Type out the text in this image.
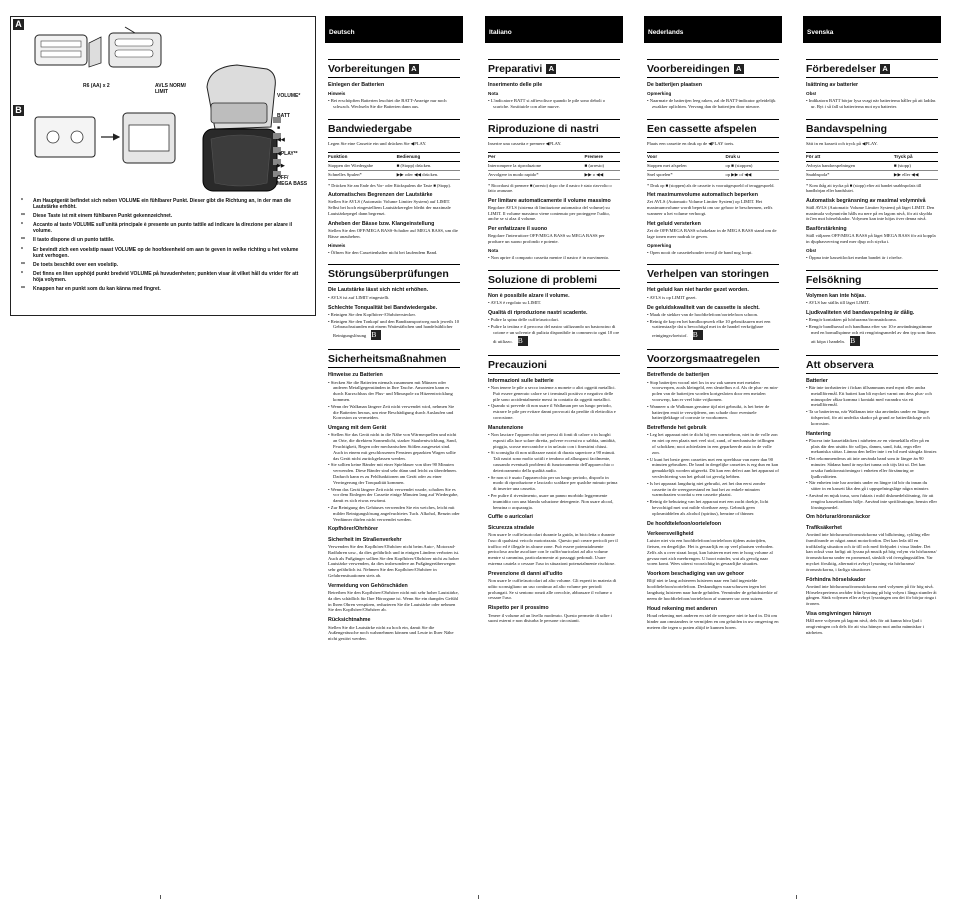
A
B
R6 (AA) x 2	AVLS NORM/
LIMIT
VOLUME*
BATT
■
◀◀
◀PLAY**
▶▶
OFF/
MEGA BASS
*	Am Hauptgerät befindet sich neben VOLUME ein fühlbarer Punkt. Dieser gibt die Richtung an, in der man die Lautstärke erhöht.
**	Diese Taste ist mit einem fühlbaren Punkt gekennzeichnet.
*	Accanto al tasto VOLUME sull'unità principale è presente un punto tattile ad indicare la direzione per alzare il volume.
**	Il tasto dispone di un punto tattile.
*	Er bevindt zich een voelstip naast VOLUME op de hoofdeenheid om aan te geven in welke richting u het volume kunt verhogen.
**	De toets beschikt over een voelstip.
*	Det finns en liten upphöjd punkt bredvid VOLUME på huvudenheten; punkten visar åt vilket håll du vrider för att höja volymen.
**	Knappen har en punkt som du kan känna med fingret.
Deutsch
Vorbereitungen A
Einlegen der Batterien
Hinweis
• Bei erschöpften Batterien leuchtet die BATT-Anzeige nur noch schwach. Wechseln Sie die Batterien dann aus.
Bandwiedergabe
Legen Sie eine Cassette ein und drücken Sie ◀PLAY.
Funktion	Bedienung
Stoppen der Wiedergabe	■ (Stopp) drücken.
Schnelles Spulen*	▶▶ oder ◀◀ drücken.
* Drücken Sie am Ende des Vor- oder Rückspulens die Taste ■ (Stopp).
Automatisches Begrenzen der Lautstärke
Stellen Sie AVLS (Automatic Volume Limiter System) auf LIMIT. Selbst bei hoch eingestelltem Lautstärkeregler bleibt der maximale Lautstärkepegel dann begrenzt.
Anheben der Bässe bzw. Klangeinstellung
Stellen Sie den OFF/MEGA BASS-Schalter auf MEGA BASS, um die Bässe anzuheben.
Hinweis
• Öffnen Sie den Cassettenhalter nicht bei laufendem Band.
Störungsüberprüfungen
Die Lautstärke lässt sich nicht erhöhen.
• AVLS ist auf LIMIT eingestellt.
Schlechte Tonqualität bei Bandwiedergabe.
• Reinigen Sie den Kopfhörer-/Ohrhörerstecker.
• Reinigen Sie den Tonkopf und den Bandtransportweg nach jeweils 10 Gebrauchsstunden mit einem Wattestäbchen und handelsüblicher Reinigungslösung B
Sicherheitsmaßnahmen
Hinweise zu Batterien
• Stecken Sie die Batterien niemals zusammen mit Münzen oder anderen Metallgegenständen in Ihre Tasche. Ansonsten kann es durch Kurzschluss der Plus- und Minuspole zu Hitzeentwicklung kommen.
• Wenn der Walkman längere Zeit nicht verwendet wird, nehmen Sie die Batterien heraus, um eine Beschädigung durch Auslaufen und Korrosion zu vermeiden.
Umgang mit dem Gerät
• Stellen Sie das Gerät nicht in die Nähe von Wärmequellen und nicht an Orte, die direktem Sonnenlicht, starker Staubentwicklung, Sand, Feuchtigkeit, Regen oder mechanischen Stößen ausgesetzt sind. Auch in einem mit geschlossenen Fenstern geparkten Wagen sollte das Gerät nicht zurückgelassen werden.
• Sie sollten keine Bänder mit einer Spieldauer von über 90 Minuten verwenden. Diese Bänder sind sehr dünn und leicht zu überdehnen. Dadurch kann es zu Fehlfunktionen am Gerät oder zu einer Verringerung der Tonqualität kommen.
• Wenn das Gerät längere Zeit nicht verwendet wurde, schalten Sie es vor dem Einlegen der Cassette einige Minuten lang auf Wiedergabe, damit es sich etwas erwärmt.
• Zur Reinigung des Gehäuses verwenden Sie ein weiches, leicht mit milder Reinigungslösung angefeuchtetes Tuch. Alkohol, Benzin oder Verdünner dürfen nicht verwendet werden.
Kopfhörer/Ohrhörer
Sicherheit im Straßenverkehr
Verwenden Sie den Kopfhörer/Ohrhörer nicht beim Auto-, Motorrad- Radfahren usw., da dies gefährlich und in einigen Ländern verboten ist. Auch als Fußgänger sollten Sie den Kopfhörer/Ohrhörer nicht zu hoher Lautstärke verwenden, da dies insbesondere an Fußgängerüberwegen sehr gefährlich ist. Nehmen Sie den Kopfhörer/Ohrhörer in Gefahrensituationen stets ab.
Vermeidung von Gehörschäden
Betreiben Sie den Kopfhörer/Ohrhörer nicht mit sehr hoher Lautstärke, da dies schädlich für Ihre Hörorgane ist. Wenn Sie ein dumpfes Gefühl in Ihren Ohren verspüren, reduzieren Sie die Lautstärke oder nehmen Sie den Kopfhörer/Ohrhörer ab.
Rücksichtnahme
Stellen Sie die Lautstärke nicht zu hoch ein, damit Sie die Außengeräusche noch wahrnehmen können und Leute in Ihrer Nähe nicht gestört werden.
Italiano
Preparativi A
Inserimento delle pile
Nota
• L'indicatore BATT si affievolisce quando le pile sono deboli o scariche. Sostituirle con altre nuove.
Riproduzione di nastri
Inserire una cassetta e premere ◀PLAY.
Per	Premere
Interrompere la riproduzione	■ (arresto)
Avvolgere in modo rapido*	▶▶ o ◀◀
* Ricordarsi di premere ■ (arresto) dopo che il nastro è stato riavvolto o fatto avanzare.
Per limitare automaticamente il volume massimo
Regolare AVLS (sistema di limitazione automatica del volume) su LIMIT. Il volume massimo viene contenuto per proteggere l'udito, anche se si alza il volume.
Per enfatizzare il suono
Regolare l'interruttore OFF/MEGA BASS su MEGA BASS per produrre un suono profondo e potente.
Nota
• Non aprire il comparto cassetta mentre il nastro è in movimento.
Soluzione di problemi
Non è possibile alzare il volume.
• AVLS è regolato su LIMIT.
Qualità di riproduzione nastri scadente.
• Pulire la spina delle cuffie/auricolari.
• Pulire la testina e il percorso del nastro utilizzando un bastoncino di cotone e un solvente di pulizia disponibile in commercio ogni 10 ore di utilizzo. B
Precauzioni
Informazioni sulle batterie
• Non tenere le pile a secco insieme a monete o altri oggetti metallici. Può essere generato calore se i terminali positivo e negativo delle pile sono accidentalmente messi in contatto da oggetti metallici.
• Quando si prevede di non usare il Walkman per un lungo periodo, estrarre le pile per evitare danni provocati da perdite di elettrolita e corrosione.
Manutenzione
• Non lasciare l'apparecchio nei pressi di fonti di calore o in luoghi esposti alla luce solare diretta, polvere eccessiva o sabbia, umidità, pioggia, scosse meccaniche o in un'auto con i finestrini chiusi.
• Si sconsiglia di non utilizzare nastri di durata superiore a 90 minuti. Tali nastri sono molto sottili e tendono ad allungarsi facilmente, causando eventuali problemi di funzionamento dell'apparecchio o deterioramento della qualità audio.
• Se non si è usato l'apparecchio per un lungo periodo, disporlo in modo di riproduzione e lasciarlo scaldare per qualche minuto prima di inserire una cassetta.
• Per pulire il rivestimento, usare un panno morbido leggermente inumidito con una blanda soluzione detergente. Non usare alcool, benzina o acquaragia.
Cuffie o auricolari
Sicurezza stradale
Non usare le cuffie/auricolari durante la guida, in bicicletta o durante l'uso di qualsiasi veicolo motorizzato. Questo può creare pericoli per il traffico ed è illegale in alcune zone. Può essere potenzialmente pericoloso anche ascoltare con le cuffie/auricolari ad alto volume mentre si cammina, particolarmente ai passaggi pedonali. Usare estrema cautela o cessare l'uso in situazioni potenzialmente rischiose.
Prevenzione di danni all'udito
Non usare le cuffie/auricolari ad alto volume. Gli esperti in materia di udito sconsigliano un uso continuo ad alto volume per periodi prolungati. Se si sentono ronzii alle orecchie, abbassare il volume o cessare l'uso.
Rispetto per il prossimo
Tenere il volume ad un livello moderato. Questo permette di udire i suoni esterni e non disturba le persone circostanti.
Nederlands
Voorbereidingen A
De batterijen plaatsen
Opmerking
• Naarmate de batterijen leeg raken, zal de BATT-indicator geleidelijk zwakker oplichten. Vervang dan de batterijen door nieuwe.
Een cassette afspelen
Plaats een cassette en druk op de ◀PLAY toets.
Voor	Druk u
Stoppen met afspelen	op ■ (stoppen)
Snel spoelen*	op ▶▶ of ◀◀
* Druk op ■ (stoppen) als de cassette is vooruitgespoeld of teruggespoeld.
Het maximumvolume automatisch beperken
Zet AVLS (Automatic Volume Limiter System) op LIMIT. Het maximumvolume wordt beperkt om uw gehoor te beschermen, zelfs wanneer u het volume verhoogt.
Het geluid versterken
Zet de OFF/MEGA BASS schakelaar in de MEGA BASS stand om de lage tonen meer nadruk te geven.
Opmerking
• Open nooit de cassettehouder terwijl de band nog loopt.
Verhelpen van storingen
Het geluid kan niet harder gezet worden.
• AVLS is op LIMIT gezet.
De geluidskwaliteit van de cassette is slecht.
• Maak de stekker van de hoofdtelefoon/oortelefoon schoon.
• Reinig de kop en het bandloopwerk elke 10 gebruiksuren met een wattenstaafje dat u bevochtigd met in de handel verkrijgbare reinigingsvloeistof. B
Voorzorgsmaatregelen
Betreffende de batterijen
• Stop batterijen vooral niet los in uw zak samen met metalen voorwerpen, zoals kleingeld, een sleutelbos e.d. Als de plus- en min-polen van de batterijen worden kortgesloten door een metalen voorwerp, kan er veel hitte vrijkomen.
• Wanneer u de Walkman geruime tijd niet gebruikt, is het beter de batterijen eruit te verwijderen, om schade door eventuele batterijlekkage of corrosie te voorkomen.
Betreffende het gebruik
• Leg het apparaat niet te dicht bij een warmtebron, niet in de volle zon en niet op een plaats met veel stof, zand, of mechanische trillingen of schokken; noot achterlaten in een geparkeerde auto in de volle zon.
• U kunt het beste geen cassettes met een speelduur van meer dan 90 minuten gebruiken. De band in dergelijke cassettes is erg dun en kan gemakkelijk worden uitgerekt. Dit kan een defect aan het apparaat of verslechtering van het geluid tot gevolg hebben.
• Is het apparaat langdurig niet gebruikt, zet het dan eerst zonder cassette in de weergavestand en laat het zo enkele minuten warmdraaien voordat u een cassette plaatst.
• Reinig de behuizing van het apparaat met een zacht doekje, licht bevochtigd met wat milde vloeibare zeep. Gebruik geen oplosmiddelen als alcohol (spiritus), benzine of thinner.
De hoofdtelefoon/oortelefoon
Verkeersveiligheid
Luister niet via een hoofdtelefoon/oortelefoon tijdens autorijden, fietsen, en dergelijke. Het is gevaarlijk en op veel plaatsen verboden. Zelfs als u over straat loopt, kan luisteren met een te hoog volume al gevaar met zich meebrengen. U hoort minder, wat als gevolg naar voren komt. Wees uiterst voorzichtig in gevaarlijke situaties.
Voorkom beschadiging van uw gehoor
Blijf niet te lang achtereen luisteren naar een luid ingestelde hoofdtelefoon/oortelefoon. Deskundigen waarschuwen tegen het langdurig luisteren naar harde geluiden. Verminder de geluidssterkte of neem de hoofdtelefoon/oortelefoon af wanneer uw oren suizen.
Houd rekening met anderen
Houd rekening met anderen en stel de weergave niet te hard in. Dit om hinder aan omstanders te vermijden en om geluiden in uw omgeving en meteen die tegen u praten altijd te kunnen horen.
Svenska
Förberedelser A
Isättning av batterier
Obs!
• Indikatorn BATT börjar lysa svagt när batterierna håller på att laddas ur. Byt i så fall ut batterierna mot nya batterier.
Bandavspelning
Sätt in en kassett och tryck på ◀PLAY.
För att	Tryck på
Avbryta bandavspelningen	■ (stopp)
Snabbspola*	▶▶ eller ◀◀
* Kom ihåg att trycka på ■ (stopp) efter att bandet snabbspolats till bandbörjan eller bandslutet.
Automatisk begränsning av maximal volymnivå
Ställ AVLS (Automatic Volume Limiter System) på läget LIMIT. Den maximala volymnivån hålls nu nere på en lagom nivå, för att skydda örונen mot hörselskador. Volymen kan inte höjas över denna nivå.
Basförstärkning
Ställ väljaren OFF/MEGA BASS på läget MEGA BASS för att koppla in djupbasverving med mer djup och styrka i.
Obs!
• Öppna inte kassettlocket medan bandet är i rörelse.
Felsökning
Volymen kan inte höjas.
• AVLS har ställts till läget LIMIT.
Ljudkvaliteten vid bandavspelning är dålig.
• Rengör kontakten på hörlurarna/öronsnäckorna.
• Rengör bandhuvud och bandbana efter var 10:e användningstimme med en bomullspinne och ett rengöringsmedel av den typ som finns att köpa i handeln. B
Att observera
Batterier
• Bär inte torrbatterier i fickan tillsammans med mynt eller andra metallföremål. Ett batteri kan bli mycket varmt om dess plus- och minuspoler råkar komma i kontakt med varandra via ett metallföremål.
• Ta ur batterierna, när Walkman inte ska användas under en längre tidsperiod, för att undvika skador på grund av batteriläckage och korrosion.
Hantering
• Placera inte kassettdäcken i närheten av en värmekälla eller på en plats där den utsätts för solljus, damm, sand, fukt, regn eller mekaniska stötar. Lämna den heller inte i en bil med stängda fönster.
• Det rekommenderas att inte använda band som är längre än 90 minuter. Sådana band är mycket tunna och töjs lätt ut. Det kan orsaka funktionsstörningar i enheten eller försämring av ljudkvaliteten.
• När enheten inte har använts under en längre tid bör du innan du sätter in en kassett låta den gå i uppspelningsläge några minuter.
• Använd en mjuk trasa, som fuktats i mild diskmedelslösning, för att rengöra kassettradions hölje. Använd inte spritlösningar, bensin eller lösningsmedel.
Om hörlurar/öronsnäckor
Trafiksäkerhet
Använd inte hörlurarna/öronsnäckorna vid bilkörning, cykling eller framförande av något annat motorfordon. Det kan leda till en trafikfarlig situation och är till och med förbjudet i vissa länder. Det kan också vara farligt att lyssna på musik på hög volym via hörlurarna/öronsnäckorna under en promenad, särskilt vid övergångsställen. Var mycket försiktig, alternativt avbryt lyssning via hörlurarna/öronsnäckorna, i farliga situationer.
Förhindra hörselskador
Använd inte hörlurarna/öronsnäckorna med volymen på för hög nivå. Hörselexperterna avråder från lyssning på hög volym i långa stunder åt gången. Sänk volymen eller avbryt lyssningen om det för börjar ringa i öronen.
Visa omgivningen hänsyn
Håll nere volymen på lagom nivå, dels för att kunna höra ljud i omgivningen och dels för att visa hänsyn mot andra människor i närheten.
